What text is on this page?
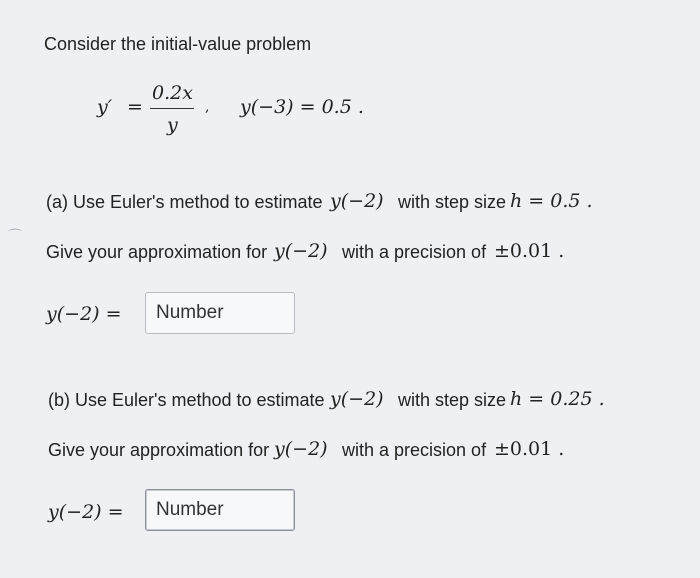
Consider the initial-value problem
y′ =
0.2x
y
, y(−3) = 0.5 .
(a) Use Euler's method to estimate y(−2) with step size h = 0.5 .
Give your approximation for y(−2) with a precision of ±0.01 .
y(−2) =	Number
(b) Use Euler's method to estimate y(−2) with step size h = 0.25 .
Give your approximation for y(−2) with a precision of ±0.01 .
y(−2) =	Number
⌒
